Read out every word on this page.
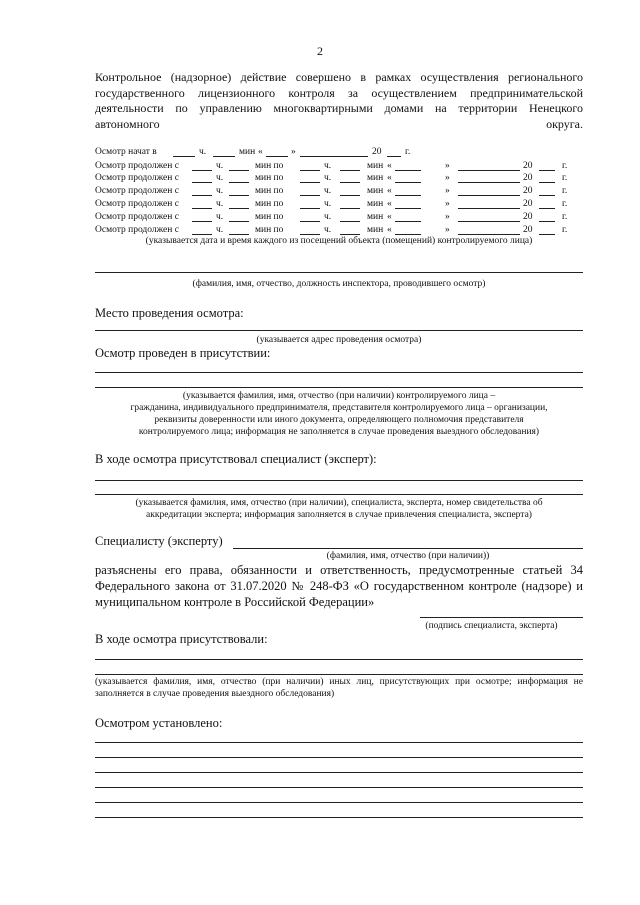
2
Контрольное (надзорное) действие совершено в рамках осуществления регионального государственного лицензионного контроля за осуществлением предпринимательской деятельности по управлению многоквартирными домами на территории Ненецкого автономного округа.
Осмотр начат в	ч.	мин «	»	20 г.
Осмотр продолжен с	ч.	мин по	ч.	мин «	»	20	г.
Осмотр продолжен с	ч.	мин по	ч.	мин «	»	20	г.
Осмотр продолжен с	ч.	мин по	ч.	мин «	»	20	г.
Осмотр продолжен с	ч.	мин по	ч.	мин «	»	20	г.
Осмотр продолжен с	ч.	мин по	ч.	мин «	»	20	г.
Осмотр продолжен с	ч.	мин по	ч.	мин «	»	20	г.
(указывается дата и время каждого из посещений объекта (помещений) контролируемого лица)
(фамилия, имя, отчество, должность инспектора, проводившего осмотр)
Место проведения осмотра:
(указывается адрес проведения осмотра)
Осмотр проведен в присутствии:
(указывается фамилия, имя, отчество (при наличии) контролируемого лица –
гражданина, индивидуального предпринимателя, представителя контролируемого лица – организации,
реквизиты доверенности или иного документа, определяющего полномочия представителя
контролируемого лица; информация не заполняется в случае проведения выездного обследования)
В ходе осмотра присутствовал специалист (эксперт):
(указывается фамилия, имя, отчество (при наличии), специалиста, эксперта, номер свидетельства об
аккредитации эксперта; информация заполняется в случае привлечения специалиста, эксперта)
Специалисту (эксперту)
(фамилия, имя, отчество (при наличии))
разъяснены его права, обязанности и ответственность, предусмотренные статьей 34 Федерального закона от 31.07.2020 № 248-ФЗ «О государственном контроле (надзоре) и муниципальном контроле в Российской Федерации»
(подпись специалиста, эксперта)
В ходе осмотра присутствовали:
(указывается фамилия, имя, отчество (при наличии) иных лиц, присутствующих при осмотре; информация не заполняется в случае проведения выездного обследования)
Осмотром установлено:
